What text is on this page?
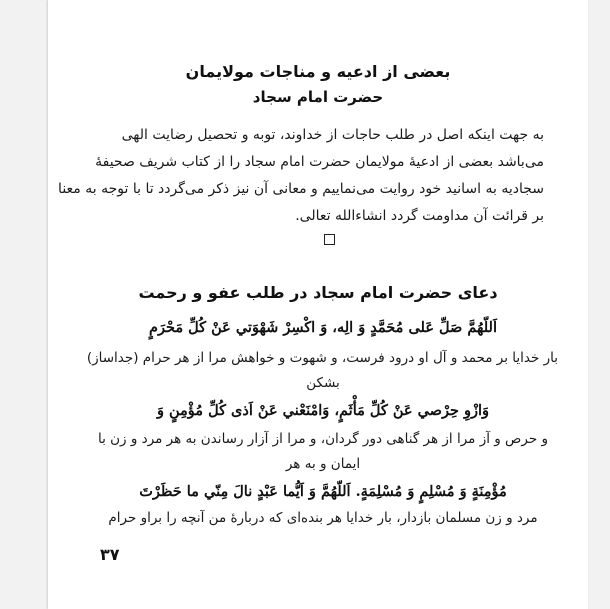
بعضی از ادعیه و مناجات مولایمان
حضرت امام سجاد
به جهت اینکه اصل در طلب حاجات از خداوند، توبه و تحصیل رضایت الهی
می‌باشد بعضی از ادعیهٔ مولایمان حضرت امام سجاد را از کتاب شریف صحیفهٔ
سجادیه به اسانید خود روایت می‌نماییم و معانی آن نیز ذکر می‌گردد تا با توجه به معنا
بر قرائت آن مداومت گردد انشاءالله تعالی.
دعای حضرت امام سجاد در طلب عفو و رحمت
اَللّهُمَّ صَلِّ عَلى مُحَمَّدٍ وَ الِه، وَ اكْسِرْ شَهْوَتي عَنْ كُلِّ مَحْرَمٍ
بار خدایا بر محمد و آل او درود فرست، و شهوت و خواهش مرا از هر حرام (جداساز)
بشکن
وَازْوِ حِرْصي عَنْ كُلِّ مَأْثَمٍ، وَامْنَعْني عَنْ اَذى كُلِّ مُؤْمِنٍ وَ
و حرص و آز مرا از هر گناهی دور گردان، و مرا از آزار رساندن به هر مرد و زن با
ایمان و به هر
مُؤْمِنَةٍ وَ مُسْلِمٍ وَ مُسْلِمَةٍ. اَللّهُمَّ وَ اَيُّما عَبْدٍ نالَ مِنّي ما حَظَرْتَ
مرد و زن مسلمان بازدار، بار خدایا هر بنده‌ای که دربارهٔ من آنچه را براو حرام
۳۷
